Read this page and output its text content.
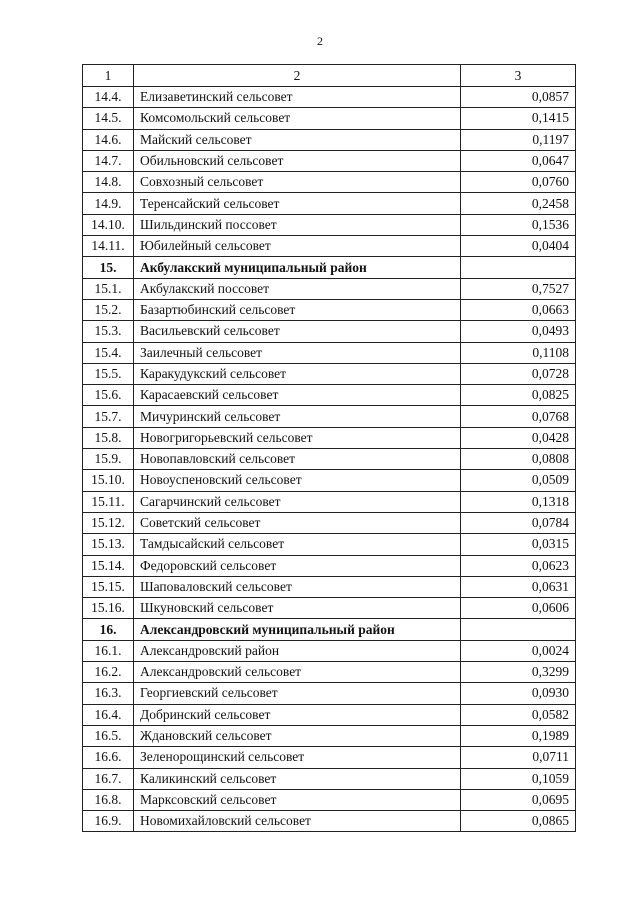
2
1	2	3
14.4.	Елизаветинский сельсовет	0,0857
14.5.	Комсомольский сельсовет	0,1415
14.6.	Майский сельсовет	0,1197
14.7.	Обильновский сельсовет	0,0647
14.8.	Совхозный сельсовет	0,0760
14.9.	Теренсайский сельсовет	0,2458
14.10.	Шильдинский поссовет	0,1536
14.11.	Юбилейный сельсовет	0,0404
15.	Акбулакский муниципальный район	
15.1.	Акбулакский поссовет	0,7527
15.2.	Базартюбинский сельсовет	0,0663
15.3.	Васильевский сельсовет	0,0493
15.4.	Заилечный сельсовет	0,1108
15.5.	Каракудукский сельсовет	0,0728
15.6.	Карасаевский сельсовет	0,0825
15.7.	Мичуринский сельсовет	0,0768
15.8.	Новогригорьевский сельсовет	0,0428
15.9.	Новопавловский сельсовет	0,0808
15.10.	Новоуспеновский сельсовет	0,0509
15.11.	Сагарчинский сельсовет	0,1318
15.12.	Советский сельсовет	0,0784
15.13.	Тамдысайский сельсовет	0,0315
15.14.	Федоровский сельсовет	0,0623
15.15.	Шаповаловский сельсовет	0,0631
15.16.	Шкуновский сельсовет	0,0606
16.	Александровский муниципальный район	
16.1.	Александровский район	0,0024
16.2.	Александровский сельсовет	0,3299
16.3.	Георгиевский сельсовет	0,0930
16.4.	Добринский сельсовет	0,0582
16.5.	Ждановский сельсовет	0,1989
16.6.	Зеленорощинский сельсовет	0,0711
16.7.	Каликинский сельсовет	0,1059
16.8.	Марксовский сельсовет	0,0695
16.9.	Новомихайловский сельсовет	0,0865
